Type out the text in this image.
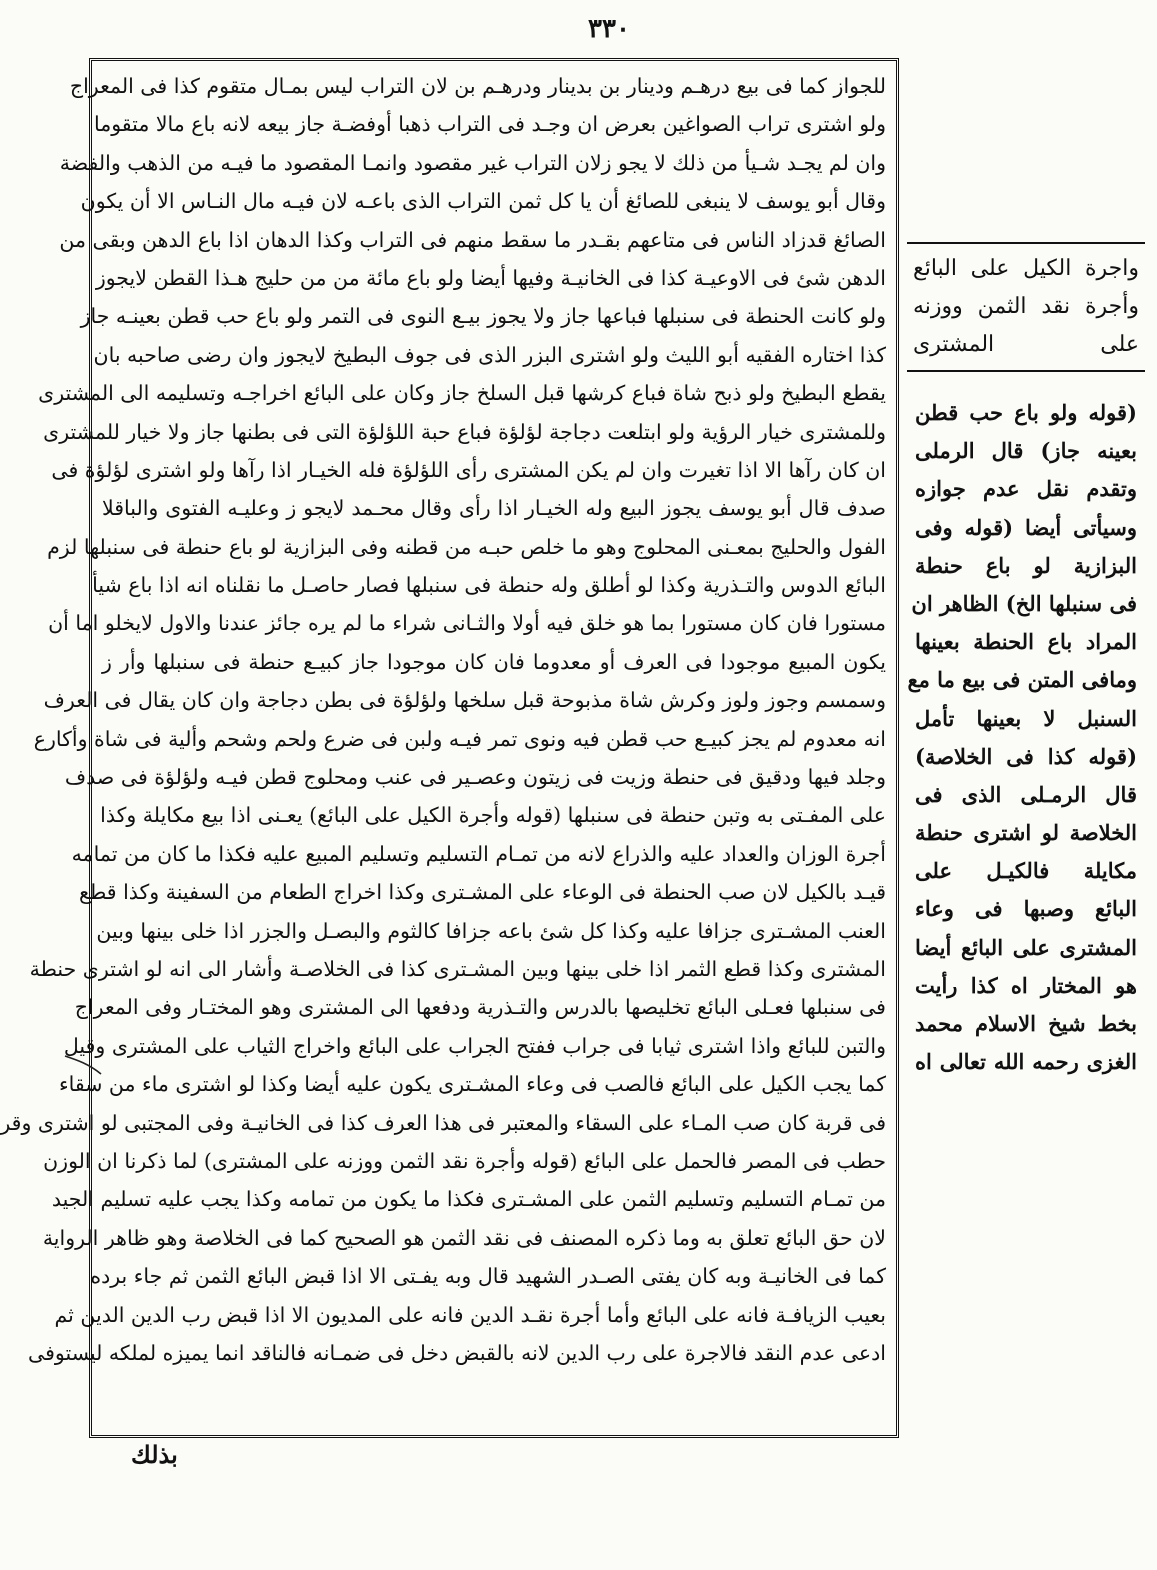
٣٣٠
للجواز كما فى بيع درهـم ودينار بن بدينار ودرهـم بن لان التراب ليس بمـال متقوم كذا فى المعراج
ولو اشترى تراب الصواغين بعرض ان وجـد فى التراب ذهبا أوفضـة جاز بيعه لانه باع مالا متقوما
وان لم يجـد شـيأ من ذلك لا يجو زلان التراب غير مقصود وانمـا المقصود ما فيـه من الذهب والفضة
وقال أبو يوسف لا ينبغى للصائغ أن يا كل ثمن التراب الذى باعـه لان فيـه مال النـاس الا أن يكون
الصائغ قدزاد الناس فى متاعهم بقـدر ما سقط منهم فى التراب وكذا الدهان اذا باع الدهن وبقى من
الدهن شئ فى الاوعيـة كذا فى الخانيـة وفيها أيضا ولو باع مائة من من حليج هـذا القطن لايجوز
ولو كانت الحنطة فى سنبلها فباعها جاز ولا يجوز بيـع النوى فى التمر ولو باع حب قطن بعينـه جاز
كذا اختاره الفقيه أبو الليث ولو اشترى البزر الذى فى جوف البطيخ لايجوز وان رضى صاحبه بان
يقطع البطيخ ولو ذبح شاة فباع كرشها قبل السلخ جاز وكان على البائع اخراجـه وتسليمه الى المشترى
وللمشترى خيار الرؤية ولو ابتلعت دجاجة لؤلؤة فباع حبة اللؤلؤة التى فى بطنها جاز ولا خيار للمشترى
ان كان رآها الا اذا تغيرت وان لم يكن المشترى رأى اللؤلؤة فله الخيـار اذا رآها ولو اشترى لؤلؤة فى
صدف قال أبو يوسف يجوز البيع وله الخيـار اذا رأى وقال محـمد لايجو ز وعليـه الفتوى والباقلا
الفول والحليج بمعـنى المحلوج وهو ما خلص حبـه من قطنه وفى البزازية لو باع حنطة فى سنبلها لزم
البائع الدوس والتـذرية وكذا لو أطلق وله حنطة فى سنبلها فصار حاصـل ما نقلناه انه اذا باع شيأ
مستورا فان كان مستورا بما هو خلق فيه أولا والثـانى شراء ما لم يره جائز عندنا والاول لايخلو اما أن
يكون المبيع موجودا فى العرف أو معدوما فان كان موجودا جاز كبيـع حنطة فى سنبلها وأر ز
وسمسم وجوز ولوز وكرش شاة مذبوحة قبل سلخها ولؤلؤة فى بطن دجاجة وان كان يقال فى العرف
انه معدوم لم يجز كبيـع حب قطن فيه ونوى تمر فيـه ولبن فى ضرع ولحم وشحم وألية فى شاة وأكارع
وجلد فيها ودقيق فى حنطة وزيت فى زيتون وعصـير فى عنب ومحلوج قطن فيـه ولؤلؤة فى صدف
على المفـتى به وتبن حنطة فى سنبلها (قوله وأجرة الكيل على البائع) يعـنى اذا بيع مكايلة وكذا
أجرة الوزان والعداد عليه والذراع لانه من تمـام التسليم وتسليم المبيع عليه فكذا ما كان من تمامه
قيـد بالكيل لان صب الحنطة فى الوعاء على المشـترى وكذا اخراج الطعام من السفينة وكذا قطع
العنب المشـترى جزافا عليه وكذا كل شئ باعه جزافا كالثوم والبصـل والجزر اذا خلى بينها وبين
المشترى وكذا قطع الثمر اذا خلى بينها وبين المشـترى كذا فى الخلاصـة وأشار الى انه لو اشترى حنطة
فى سنبلها فعـلى البائع تخليصها بالدرس والتـذرية ودفعها الى المشترى وهو المختـار وفى المعراج
والتبن للبائع واذا اشترى ثيابا فى جراب ففتح الجراب على البائع واخراج الثياب على المشترى وقيل
كما يجب الكيل على البائع فالصب فى وعاء المشـترى يكون عليه أيضا وكذا لو اشترى ماء من سقاء
فى قربة كان صب المـاء على السقاء والمعتبر فى هذا العرف كذا فى الخانيـة وفى المجتبى لو اشترى وقر
حطب فى المصر فالحمل على البائع (قوله وأجرة نقد الثمن ووزنه على المشترى) لما ذكرنا ان الوزن
من تمـام التسليم وتسليم الثمن على المشـترى فكذا ما يكون من تمامه وكذا يجب عليه تسليم الجيد
لان حق البائع تعلق به وما ذكره المصنف فى نقد الثمن هو الصحيح كما فى الخلاصة وهو ظاهر الرواية
كما فى الخانيـة وبه كان يفتى الصـدر الشهيد قال وبه يفـتى الا اذا قبض البائع الثمن ثم جاء برده
بعيب الزيافـة فانه على البائع وأما أجرة نقـد الدين فانه على المديون الا اذا قبض رب الدين الدين ثم
ادعى عدم النقد فالاجرة على رب الدين لانه بالقبض دخل فى ضمـانه فالناقد انما يميزه لملكه ليستوفى
بذلك
واجرة الكيل على البائع
وأجرة نقد الثمن ووزنه
على المشترى
(قوله ولو باع حب قطن
بعينه جاز) قال الرملى
وتقدم نقل عدم جوازه
وسيأتى أيضا (قوله وفى
البزازية لو باع حنطة
فى سنبلها الخ) الظاهر ان
المراد باع الحنطة بعينها
ومافى المتن فى بيع ما مع
السنبل لا بعينها تأمل
(قوله كذا فى الخلاصة)
قال الرمـلى الذى فى
الخلاصة لو اشترى حنطة
مكايلة فالكيـل على
البائع وصبها فى وعاء
المشترى على البائع أيضا
هو المختار اه كذا رأيت
بخط شيخ الاسلام محمد
الغزى رحمه الله تعالى اه
